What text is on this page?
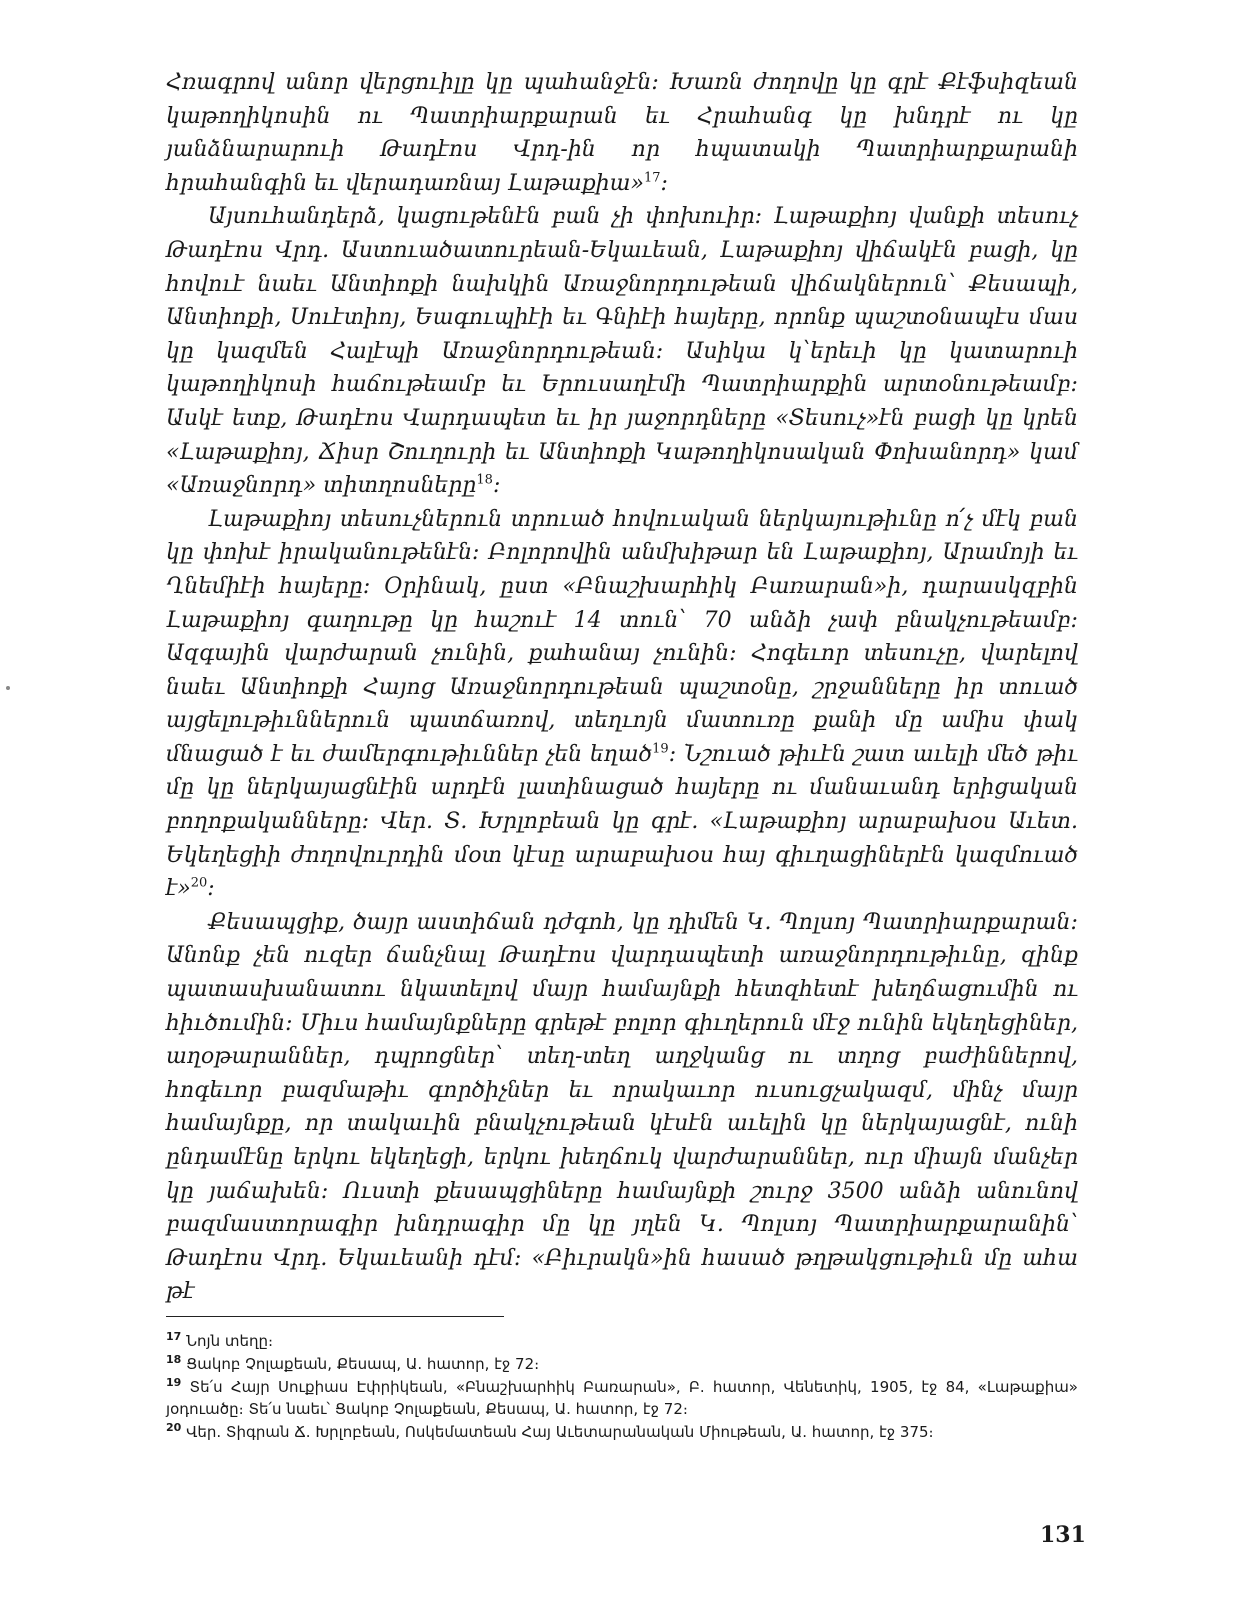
Հռագրով անոր վերցուիլը կը պահանջէն։ Խառն ժողովը կը գրէ Քէֆսիզեան կաթողիկոսին ու Պատրիարքարան եւ Հրահանգ կը խնդրէ ու կը յանձնարարուի Թադէոս Վրդ-ին որ հպատակի Պատրիարքարանի հրահանգին եւ վերադառնայ Լաթաքիա»$^{17}$:

Այսուհանդերձ, կացութենէն բան չի փոխուիր։ Լաթաքիոյ վանքի տեսուչ Թադէոս Վրդ. Աստուածատուրեան-Եկաւեան, Լաթաքիոյ վիճակէն բացի, կը հովուէ նաեւ Անտիոքի նախկին Առաջնորդութեան վիճակներուն՝ Քեսապի, Անտիոքի, Սուէտիոյ, Եագուպիէի եւ Գնիէի հայերը, որոնք պաշտօնապէս մաս կը կազմեն Հալէպի Առաջնորդութեան։ Ասիկա կ՝երեւի կը կատարուի կաթողիկոսի հաճութեամբ եւ Երուսաղէմի Պատրիարքին արտօնութեամբ։ Ասկէ ետք, Թադէոս Վարդապետ եւ իր յաջորդները «Տեսուչ»էն բացի կը կրեն «Լաթաքիոյ, Ճիսր Շուղուրի եւ Անտիոքի Կաթողիկոսական Փոխանորդ» կամ «Առաջնորդ» տիտղոսները$^{18}$:

Լաթաքիոյ տեսուչներուն տրուած հովուական ներկայութիւնը ո՛չ մէկ բան կը փոխէ իրականութենէն։ Բոլորովին անմխիթար են Լաթաքիոյ, Արամոյի եւ Ղնեմիէի հայերը։ Օրինակ, ըստ «Բնաշխարհիկ Բառարան»ի, դարասկզբին Լաթաքիոյ գաղութը կը հաշուէ 14 տուն՝ 70 անձի չափ բնակչութեամբ։ Ազգային վարժարան չունին, քահանայ չունին։ Հոգեւոր տեսուչը, վարելով նաեւ Անտիոքի Հայոց Առաջնորդութեան պաշտօնը, շրջանները իր տուած այցելութիւններուն պատճառով, տեղւոյն մատուռը քանի մը ամիս փակ մնացած է եւ ժամերգութիւններ չեն եղած$^{19}$։ Նշուած թիւէն շատ աւելի մեծ թիւ մը կը ներկայացնէին արդէն լատինացած հայերը ու մանաւանդ երիցական բողոքականները։ Վեր. Տ. Խրլոբեան կը գրէ. «Լաթաքիոյ արաբախօս Աւետ. Եկեղեցիի ժողովուրդին մօտ կէսը արաբախօս հայ գիւղացիներէն կազմուած է»$^{20}$:

Քեսապցիք, ծայր աստիճան դժգոհ, կը դիմեն Կ. Պոլսոյ Պատրիարքարան։ Անոնք չեն ուզեր ճանչնալ Թադէոս վարդապետի առաջնորդութիւնը, զինք պատասխանատու նկատելով մայր համայնքի հետզհետէ խեղճացումին ու հիւծումին։ Միւս համայնքները գրեթէ բոլոր գիւղերուն մէջ ունին եկեղեցիներ, աղօթարաններ, դպրոցներ՝ տեղ-տեղ աղջկանց ու տղոց բաժիններով, հոգեւոր բազմաթիւ գործիչներ եւ որակաւոր ուսուցչակազմ, մինչ մայր համայնքը, որ տակաւին բնակչութեան կէսէն աւելին կը ներկայացնէ, ունի ընդամէնը երկու եկեղեցի, երկու խեղճուկ վարժարաններ, ուր միայն մանչեր կը յաճախեն։ Ուստի քեսապցիները համայնքի շուրջ 3500 անձի անունով բազմաստորագիր խնդրագիր մը կը յղեն Կ. Պոլսոյ Պատրիարքարանին՝ Թադէոս Վրդ. Եկաւեանի դէմ։ «Բիւրակն»ին հասած թղթակցութիւն մը ահա թէ

$^{17}$ Նոյն տեղը։
$^{18}$ Ցակոբ Չոլաքեան, Քեսապ, Ա. հատոր, էջ 72։
$^{19}$ Տե՛ս Հայր Սուքիաս Էփրիկեան, «Բնաշխարհիկ Բառարան», Բ. հատոր, Վենետիկ, 1905, էջ 84, «Լաթաքիա» յօդուածը։ Տե՛ս նաեւ՝ Ցակոբ Չոլաքեան, Քեսապ, Ա. հատոր, էջ 72։
$^{20}$ Վեր. Տիգրան Ճ. Խրլոբեան, Ոսկեմատեան Հայ Աւետարանական Միութեան, Ա. հատոր, էջ 375։
131
